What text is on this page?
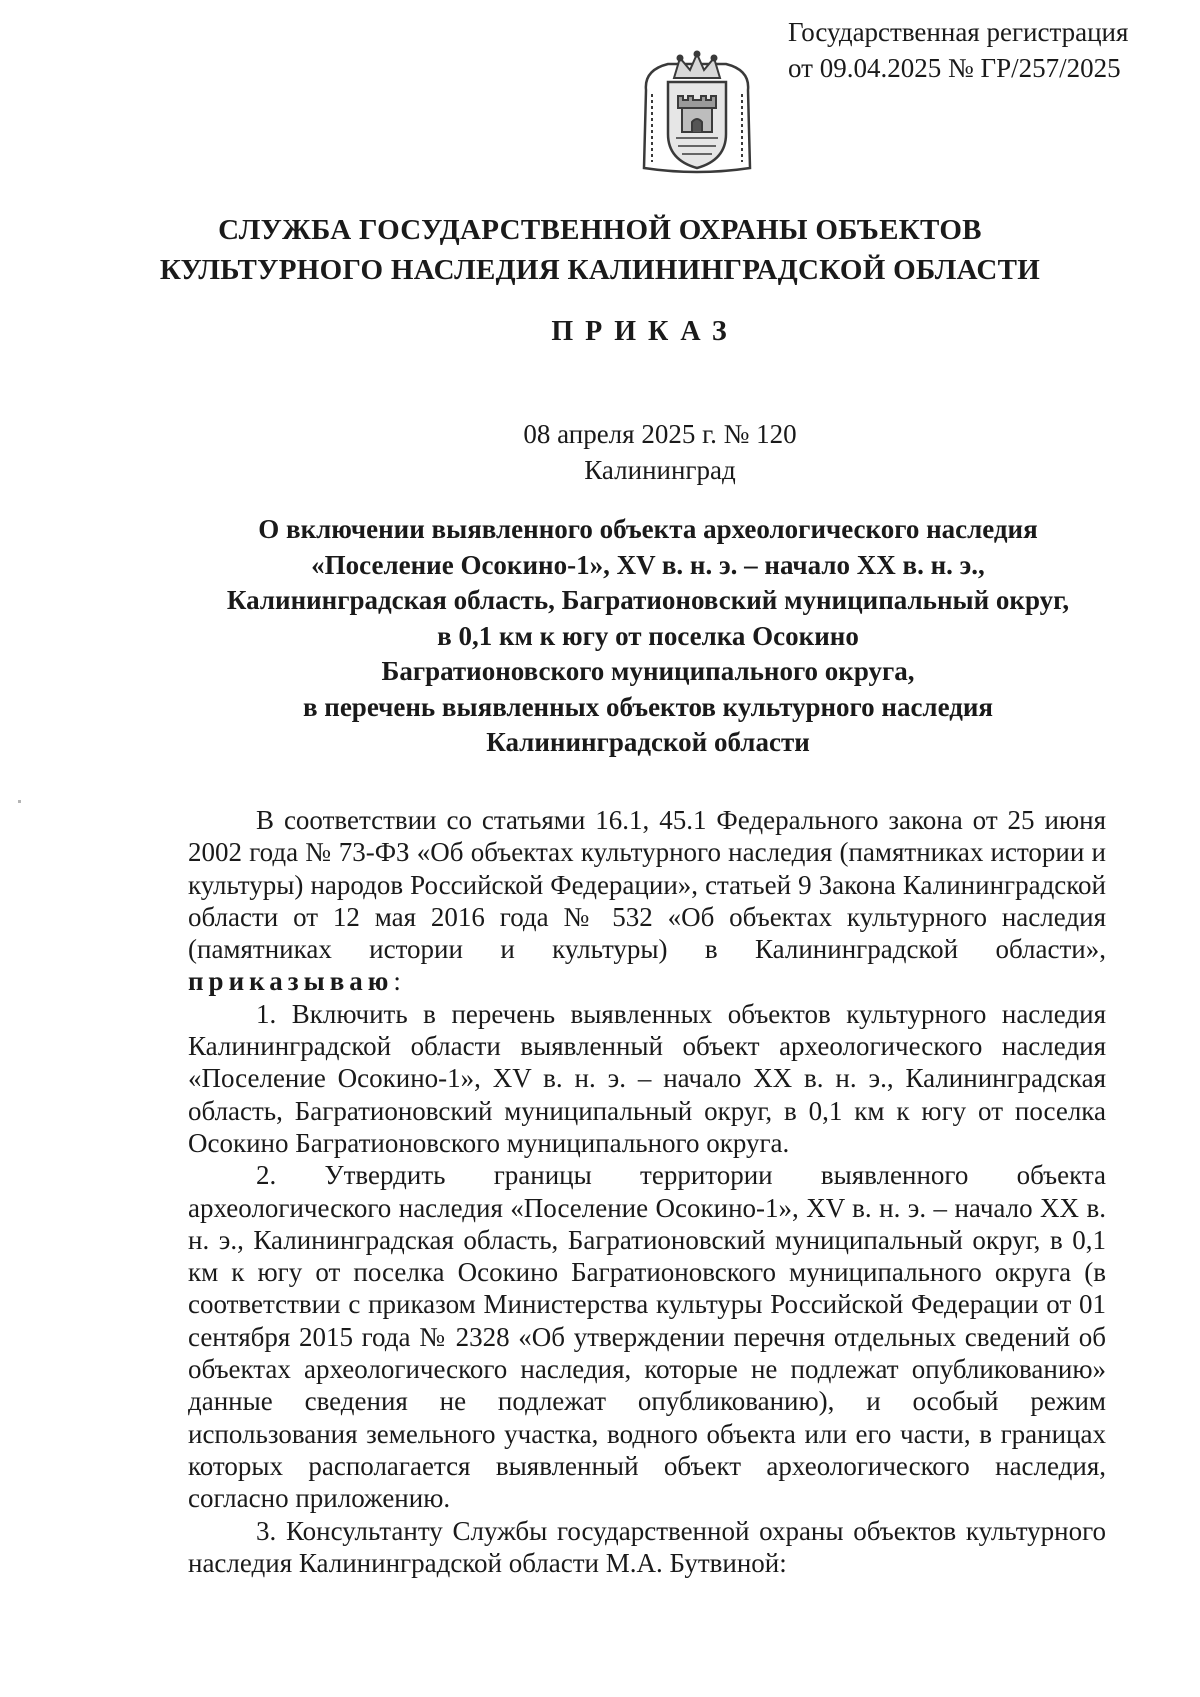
Государственная регистрация
от 09.04.2025 № ГР/257/2025
СЛУЖБА ГОСУДАРСТВЕННОЙ ОХРАНЫ ОБЪЕКТОВ
КУЛЬТУРНОГО НАСЛЕДИЯ КАЛИНИНГРАДСКОЙ ОБЛАСТИ
ПРИКАЗ
08 апреля 2025 г. № 120
Калининград
О включении выявленного объекта археологического наследия
«Поселение Осокино-1», XV в. н. э. – начало XX в. н. э.,
Калининградская область, Багратионовский муниципальный округ,
в 0,1 км к югу от поселка Осокино
Багратионовского муниципального округа,
в перечень выявленных объектов культурного наследия
Калининградской области

В соответствии со статьями 16.1, 45.1 Федерального закона от 25 июня 2002 года № 73-ФЗ «Об объектах культурного наследия (памятниках истории и культуры) народов Российской Федерации», статьей 9 Закона Калининградской области от 12 мая 2016 года № 532 «Об объектах культурного наследия (памятниках истории и культуры) в Калининградской области», приказываю:

1. Включить в перечень выявленных объектов культурного наследия Калининградской области выявленный объект археологического наследия «Поселение Осокино-1», XV в. н. э. – начало XX в. н. э., Калининградская область, Багратионовский муниципальный округ, в 0,1 км к югу от поселка Осокино Багратионовского муниципального округа.

2. Утвердить границы территории выявленного объекта археологического наследия «Поселение Осокино-1», XV в. н. э. – начало XX в. н. э., Калининградская область, Багратионовский муниципальный округ, в 0,1 км к югу от поселка Осокино Багратионовского муниципального округа (в соответствии с приказом Министерства культуры Российской Федерации от 01 сентября 2015 года № 2328 «Об утверждении перечня отдельных сведений об объектах археологического наследия, которые не подлежат опубликованию» данные сведения не подлежат опубликованию), и особый режим использования земельного участка, водного объекта или его части, в границах которых располагается выявленный объект археологического наследия, согласно приложению.

3. Консультанту Службы государственной охраны объектов культурного наследия Калининградской области М.А. Бутвиной:
